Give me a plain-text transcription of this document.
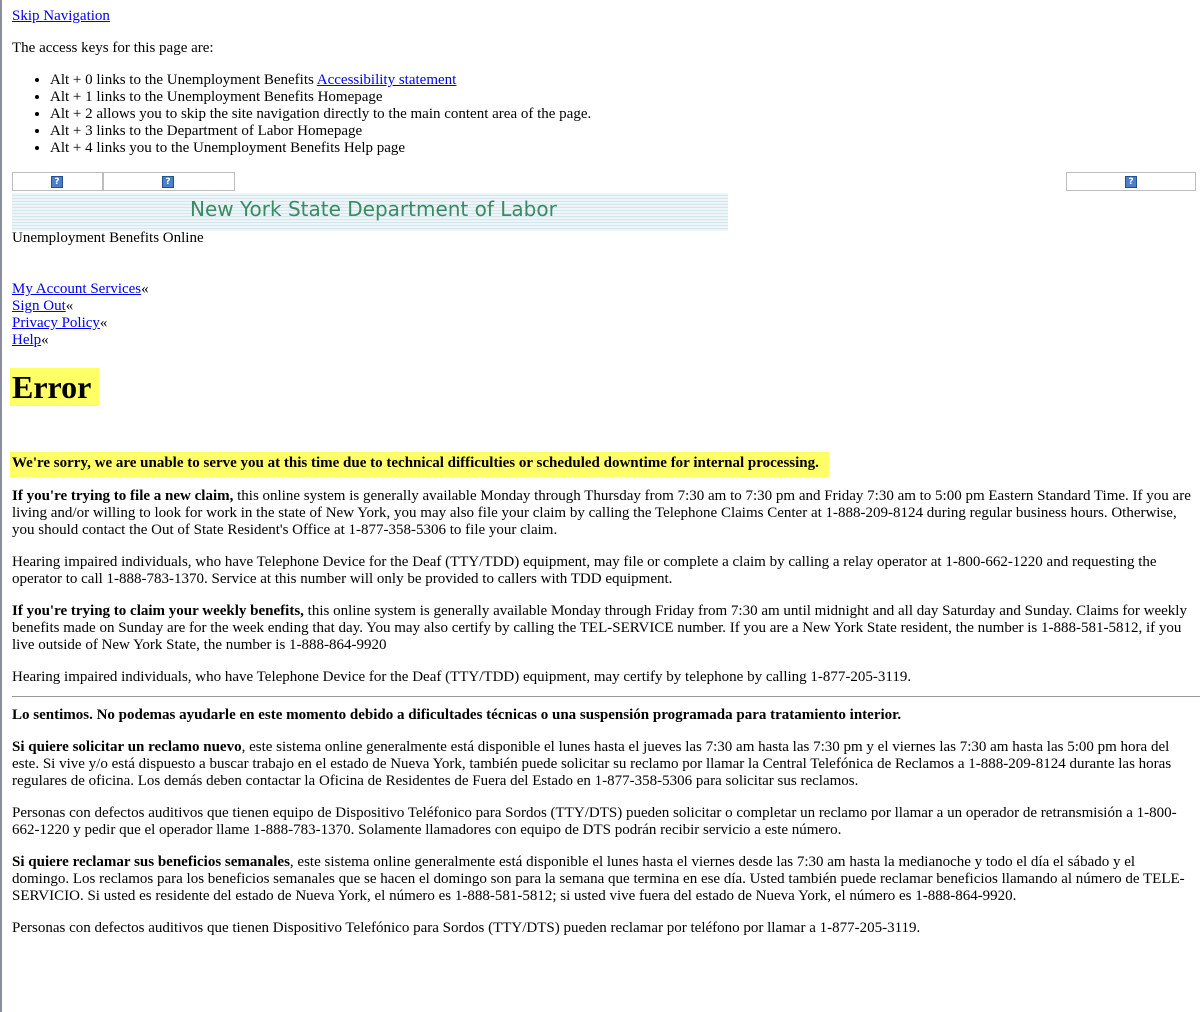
Skip Navigation

The access keys for this page are:

• Alt + 0 links to the Unemployment Benefits Accessibility statement
• Alt + 1 links to the Unemployment Benefits Homepage
• Alt + 2 allows you to skip the site navigation directly to the main content area of the page.
• Alt + 3 links to the Department of Labor Homepage
• Alt + 4 links you to the Unemployment Benefits Help page
?	?	?
New York State Department of Labor
Unemployment Benefits Online
My Account Services«
Sign Out«
Privacy Policy«
Help«
Error
We're sorry, we are unable to serve you at this time due to technical difficulties or scheduled downtime for internal processing.

If you're trying to file a new claim, this online system is generally available Monday through Thursday from 7:30 am to 7:30 pm and Friday 7:30 am to 5:00 pm Eastern Standard Time. If you are living and/or willing to look for work in the state of New York, you may also file your claim by calling the Telephone Claims Center at 1-888-209-8124 during regular business hours. Otherwise, you should contact the Out of State Resident's Office at 1-877-358-5306 to file your claim.

Hearing impaired individuals, who have Telephone Device for the Deaf (TTY/TDD) equipment, may file or complete a claim by calling a relay operator at 1-800-662-1220 and requesting the operator to call 1-888-783-1370. Service at this number will only be provided to callers with TDD equipment.

If you're trying to claim your weekly benefits, this online system is generally available Monday through Friday from 7:30 am until midnight and all day Saturday and Sunday. Claims for weekly benefits made on Sunday are for the week ending that day. You may also certify by calling the TEL-SERVICE number. If you are a New York State resident, the number is 1-888-581-5812, if you live outside of New York State, the number is 1-888-864-9920

Hearing impaired individuals, who have Telephone Device for the Deaf (TTY/TDD) equipment, may certify by telephone by calling 1-877-205-3119.

Lo sentimos. No podemas ayudarle en este momento debido a dificultades técnicas o una suspensión programada para tratamiento interior.

Si quiere solicitar un reclamo nuevo, este sistema online generalmente está disponible el lunes hasta el jueves las 7:30 am hasta las 7:30 pm y el viernes las 7:30 am hasta las 5:00 pm hora del este. Si vive y/o está dispuesto a buscar trabajo en el estado de Nueva York, también puede solicitar su reclamo por llamar la Central Telefónica de Reclamos a 1-888-209-8124 durante las horas regulares de oficina. Los demás deben contactar la Oficina de Residentes de Fuera del Estado en 1-877-358-5306 para solicitar sus reclamos.

Personas con defectos auditivos que tienen equipo de Dispositivo Teléfonico para Sordos (TTY/DTS) pueden solicitar o completar un reclamo por llamar a un operador de retransmisión a 1-800-662-1220 y pedir que el operador llame 1-888-783-1370. Solamente llamadores con equipo de DTS podrán recibir servicio a este número.

Si quiere reclamar sus beneficios semanales, este sistema online generalmente está disponible el lunes hasta el viernes desde las 7:30 am hasta la medianoche y todo el día el sábado y el domingo. Los reclamos para los beneficios semanales que se hacen el domingo son para la semana que termina en ese día. Usted también puede reclamar beneficios llamando al número de TELE-SERVICIO. Si usted es residente del estado de Nueva York, el número es 1-888-581-5812; si usted vive fuera del estado de Nueva York, el número es 1-888-864-9920.

Personas con defectos auditivos que tienen Dispositivo Telefónico para Sordos (TTY/DTS) pueden reclamar por teléfono por llamar a 1-877-205-3119.
